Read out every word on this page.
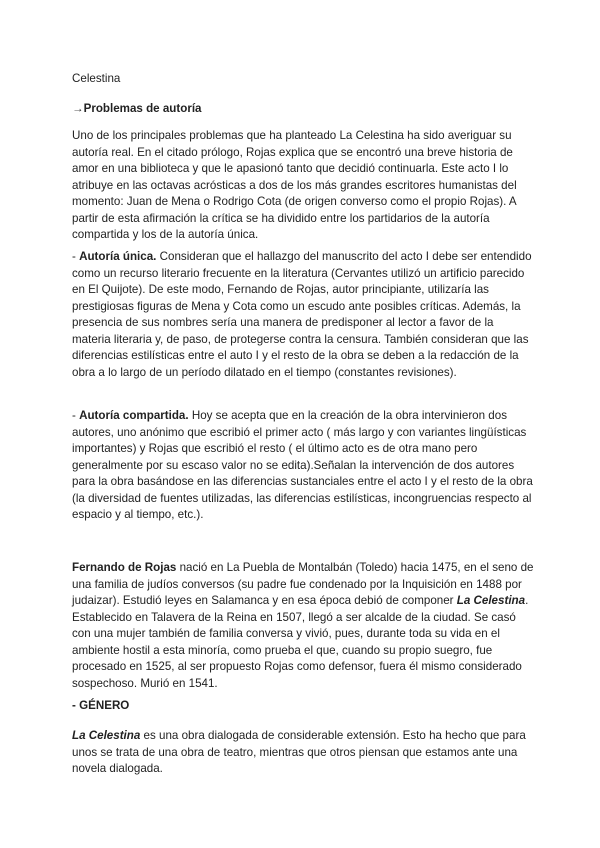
Celestina

→Problemas de autoría

Uno de los principales problemas que ha planteado La Celestina ha sido averiguar su autoría real. En el citado prólogo, Rojas explica que se encontró una breve historia de amor en una biblioteca y que le apasionó tanto que decidió continuarla. Este acto I lo atribuye en las octavas acrósticas a dos de los más grandes escritores humanistas del momento: Juan de Mena o Rodrigo Cota (de origen converso como el propio Rojas). A partir de esta afirmación la crítica se ha dividido entre los partidarios de la autoría compartida y los de la autoría única.

- Autoría única. Consideran que el hallazgo del manuscrito del acto I debe ser entendido como un recurso literario frecuente en la literatura (Cervantes utilizó un artificio parecido en El Quijote). De este modo, Fernando de Rojas, autor principiante, utilizaría las prestigiosas figuras de Mena y Cota como un escudo ante posibles críticas. Además, la presencia de sus nombres sería una manera de predisponer al lector a favor de la materia literaria y, de paso, de protegerse contra la censura. También consideran que las diferencias estilísticas entre el auto I y el resto de la obra se deben a la redacción de la obra a lo largo de un período dilatado en el tiempo (constantes revisiones).

- Autoría compartida. Hoy se acepta que en la creación de la obra intervinieron dos autores, uno anónimo que escribió el primer acto ( más largo y con variantes lingüísticas importantes) y Rojas que escribió el resto ( el último acto es de otra mano pero generalmente por su escaso valor no se edita).Señalan la intervención de dos autores para la obra basándose en las diferencias sustanciales entre el acto I y el resto de la obra (la diversidad de fuentes utilizadas, las diferencias estilísticas, incongruencias respecto al espacio y al tiempo, etc.).

Fernando de Rojas nació en La Puebla de Montalbán (Toledo) hacia 1475, en el seno de una familia de judíos conversos (su padre fue condenado por la Inquisición en 1488 por judaizar). Estudió leyes en Salamanca y en esa época debió de componer La Celestina. Establecido en Talavera de la Reina en 1507, llegó a ser alcalde de la ciudad. Se casó con una mujer también de familia conversa y vivió, pues, durante toda su vida en el ambiente hostil a esta minoría, como prueba el que, cuando su propio suegro, fue procesado en 1525, al ser propuesto Rojas como defensor, fuera él mismo considerado sospechoso. Murió en 1541.

- GÉNERO

La Celestina es una obra dialogada de considerable extensión. Esto ha hecho que para unos se trata de una obra de teatro, mientras que otros piensan que estamos ante una novela dialogada.
